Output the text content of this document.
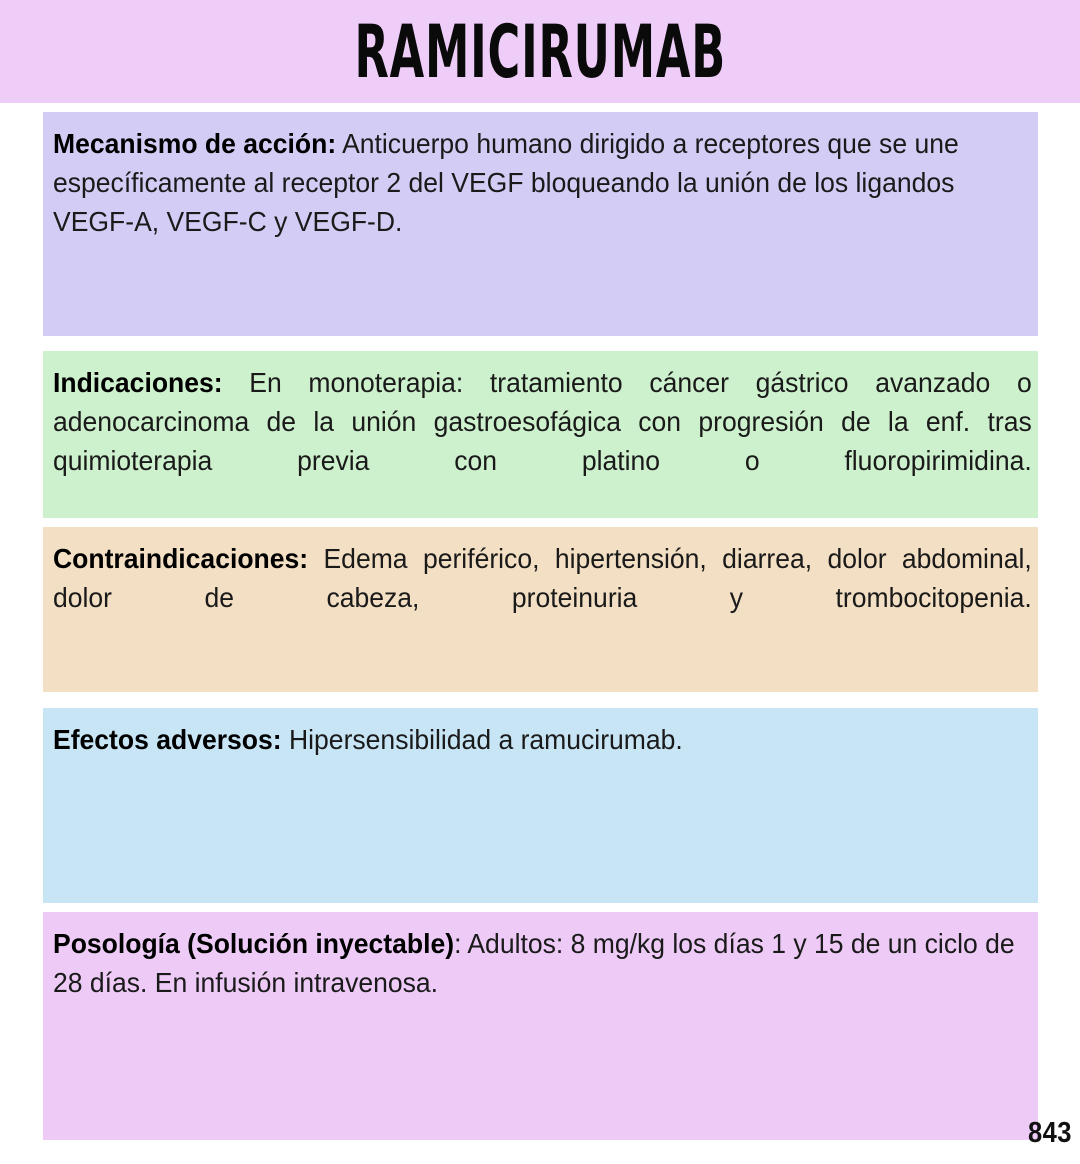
RAMICIRUMAB

Mecanismo de acción: Anticuerpo humano dirigido a receptores que se une específicamente al receptor 2 del VEGF bloqueando la unión de los ligandos VEGF-A, VEGF-C y VEGF-D.

Indicaciones: En monoterapia: tratamiento cáncer gástrico avanzado o adenocarcinoma de la unión gastroesofágica con progresión de la enf. tras quimioterapia previa con platino o fluoropirimidina.

Contraindicaciones: Edema periférico, hipertensión, diarrea, dolor abdominal, dolor de cabeza, proteinuria y trombocitopenia.

Efectos adversos: Hipersensibilidad a ramucirumab.

Posología (Solución inyectable): Adultos: 8 mg/kg los días 1 y 15 de un ciclo de 28 días. En infusión intravenosa.

843
